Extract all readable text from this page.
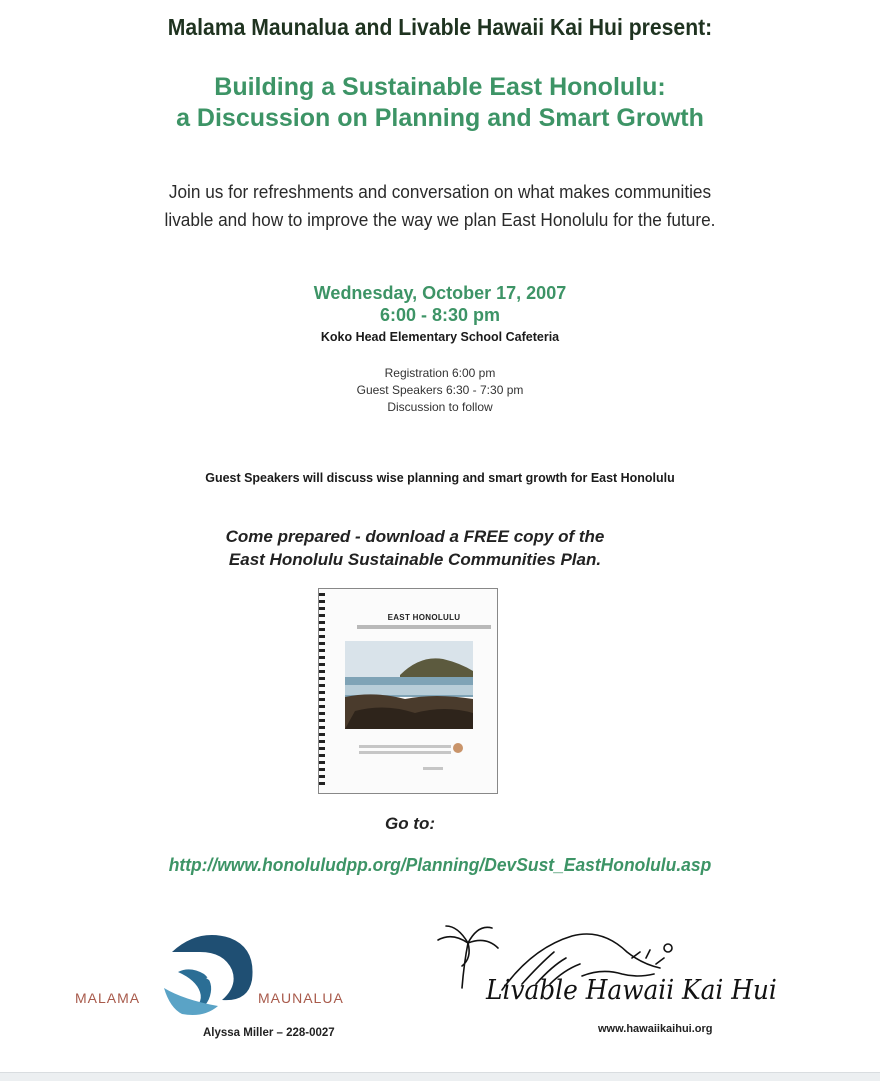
Malama Maunalua and Livable Hawaii Kai Hui present:
Building a Sustainable East Honolulu:
a Discussion on Planning and Smart Growth
Join us for refreshments and conversation on what makes communities
livable and how to improve the way we plan East Honolulu for the future.
Wednesday, October 17, 2007
6:00 - 8:30 pm
Koko Head Elementary School Cafeteria
Registration 6:00 pm
Guest Speakers 6:30 - 7:30 pm
Discussion to follow
Guest Speakers will discuss wise planning and smart growth for East Honolulu
Come prepared - download a FREE copy of the
East Honolulu Sustainable Communities Plan.
EAST HONOLULU
Go to:
http://www.honoluludpp.org/Planning/DevSust_EastHonolulu.asp
MALAMA	MAUNALUA
Alyssa Miller – 228-0027
Livable Hawaii Kai Hui
www.hawaiikaihui.org
